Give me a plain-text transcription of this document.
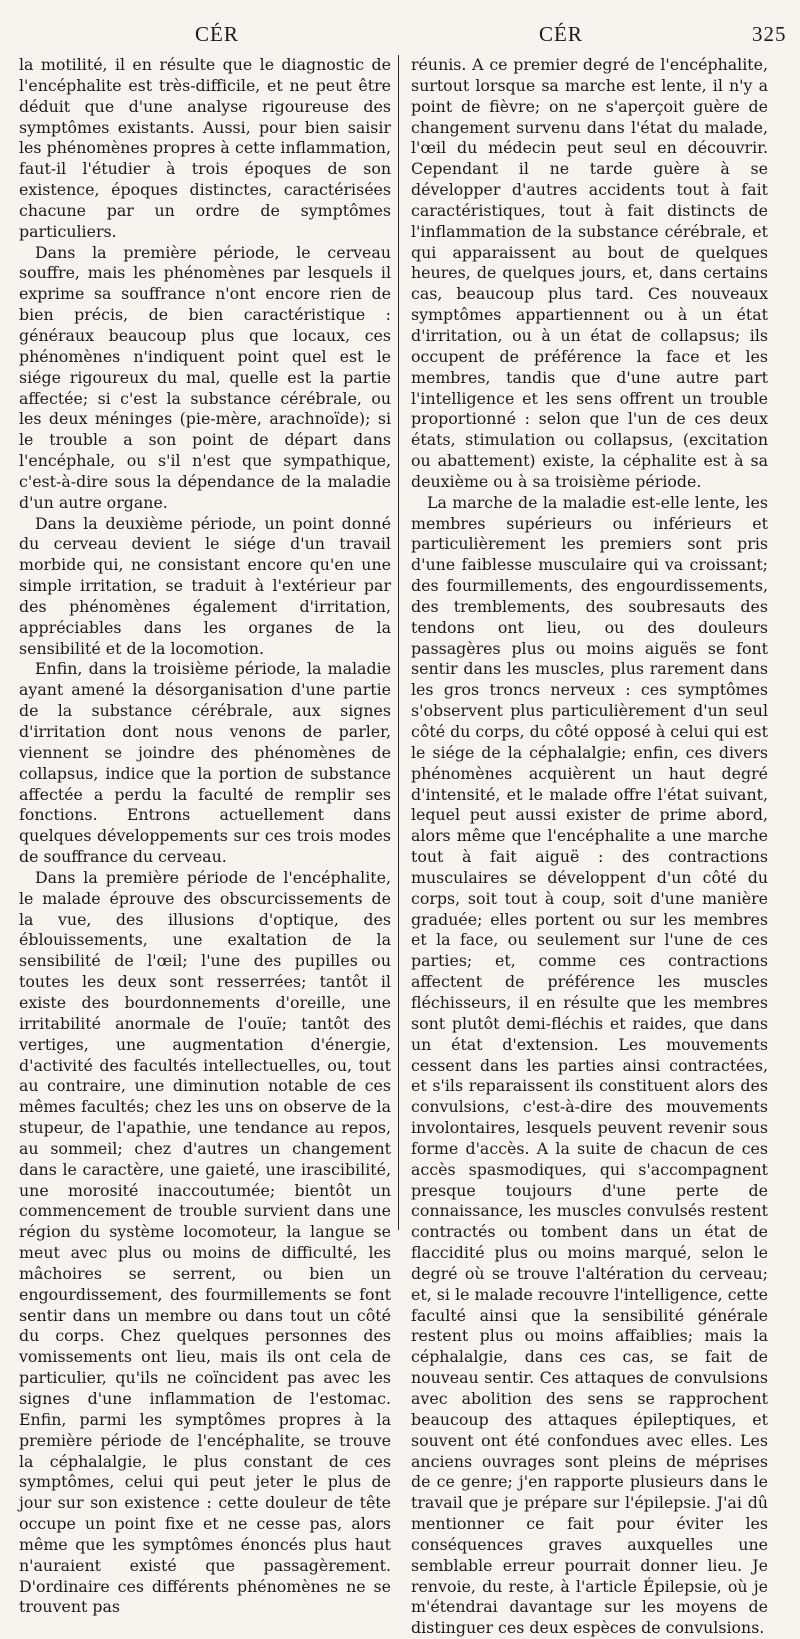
CÉR	CÉR	325

la motilité, il en résulte que le diagnostic de l'encéphalite est très-difficile, et ne peut être déduit que d'une analyse rigoureuse des symptômes existants. Aussi, pour bien saisir les phénomènes propres à cette inflammation, faut-il l'étudier à trois époques de son existence, époques distinctes, caractérisées chacune par un ordre de symptômes particuliers.

Dans la première période, le cerveau souffre, mais les phénomènes par lesquels il exprime sa souffrance n'ont encore rien de bien précis, de bien caractéristique : généraux beaucoup plus que locaux, ces phénomènes n'indiquent point quel est le siége rigoureux du mal, quelle est la partie affectée; si c'est la substance cérébrale, ou les deux méninges (pie-mère, arachnoïde); si le trouble a son point de départ dans l'encéphale, ou s'il n'est que sympathique, c'est-à-dire sous la dépendance de la maladie d'un autre organe.

Dans la deuxième période, un point donné du cerveau devient le siége d'un travail morbide qui, ne consistant encore qu'en une simple irritation, se traduit à l'extérieur par des phénomènes également d'irritation, appréciables dans les organes de la sensibilité et de la locomotion.

Enfin, dans la troisième période, la maladie ayant amené la désorganisation d'une partie de la substance cérébrale, aux signes d'irritation dont nous venons de parler, viennent se joindre des phénomènes de collapsus, indice que la portion de substance affectée a perdu la faculté de remplir ses fonctions. Entrons actuellement dans quelques développements sur ces trois modes de souffrance du cerveau.

Dans la première période de l'encéphalite, le malade éprouve des obscurcissements de la vue, des illusions d'optique, des éblouissements, une exaltation de la sensibilité de l'œil; l'une des pupilles ou toutes les deux sont resserrées; tantôt il existe des bourdonnements d'oreille, une irritabilité anormale de l'ouïe; tantôt des vertiges, une augmentation d'énergie, d'activité des facultés intellectuelles, ou, tout au contraire, une diminution notable de ces mêmes facultés; chez les uns on observe de la stupeur, de l'apathie, une tendance au repos, au sommeil; chez d'autres un changement dans le caractère, une gaieté, une irascibilité, une morosité inaccoutumée; bientôt un commencement de trouble survient dans une région du système locomoteur, la langue se meut avec plus ou moins de difficulté, les mâchoires se serrent, ou bien un engourdissement, des fourmillements se font sentir dans un membre ou dans tout un côté du corps. Chez quelques personnes des vomissements ont lieu, mais ils ont cela de particulier, qu'ils ne coïncident pas avec les signes d'une inflammation de l'estomac. Enfin, parmi les symptômes propres à la première période de l'encéphalite, se trouve la céphalalgie, le plus constant de ces symptômes, celui qui peut jeter le plus de jour sur son existence : cette douleur de tête occupe un point fixe et ne cesse pas, alors même que les symptômes énoncés plus haut n'auraient existé que passagèrement. D'ordinaire ces différents phénomènes ne se trouvent pas

réunis. A ce premier degré de l'encéphalite, surtout lorsque sa marche est lente, il n'y a point de fièvre; on ne s'aperçoit guère de changement survenu dans l'état du malade, l'œil du médecin peut seul en découvrir. Cependant il ne tarde guère à se développer d'autres accidents tout à fait caractéristiques, tout à fait distincts de l'inflammation de la substance cérébrale, et qui apparaissent au bout de quelques heures, de quelques jours, et, dans certains cas, beaucoup plus tard. Ces nouveaux symptômes appartiennent ou à un état d'irritation, ou à un état de collapsus; ils occupent de préférence la face et les membres, tandis que d'une autre part l'intelligence et les sens offrent un trouble proportionné : selon que l'un de ces deux états, stimulation ou collapsus, (excitation ou abattement) existe, la céphalite est à sa deuxième ou à sa troisième période.

La marche de la maladie est-elle lente, les membres supérieurs ou inférieurs et particulièrement les premiers sont pris d'une faiblesse musculaire qui va croissant; des fourmillements, des engourdissements, des tremblements, des soubresauts des tendons ont lieu, ou des douleurs passagères plus ou moins aiguës se font sentir dans les muscles, plus rarement dans les gros troncs nerveux : ces symptômes s'observent plus particulièrement d'un seul côté du corps, du côté opposé à celui qui est le siége de la céphalalgie; enfin, ces divers phénomènes acquièrent un haut degré d'intensité, et le malade offre l'état suivant, lequel peut aussi exister de prime abord, alors même que l'encéphalite a une marche tout à fait aiguë : des contractions musculaires se développent d'un côté du corps, soit tout à coup, soit d'une manière graduée; elles portent ou sur les membres et la face, ou seulement sur l'une de ces parties; et, comme ces contractions affectent de préférence les muscles fléchisseurs, il en résulte que les membres sont plutôt demi-fléchis et raides, que dans un état d'extension. Les mouvements cessent dans les parties ainsi contractées, et s'ils reparaissent ils constituent alors des convulsions, c'est-à-dire des mouvements involontaires, lesquels peuvent revenir sous forme d'accès. A la suite de chacun de ces accès spasmodiques, qui s'accompagnent presque toujours d'une perte de connaissance, les muscles convulsés restent contractés ou tombent dans un état de flaccidité plus ou moins marqué, selon le degré où se trouve l'altération du cerveau; et, si le malade recouvre l'intelligence, cette faculté ainsi que la sensibilité générale restent plus ou moins affaiblies; mais la céphalalgie, dans ces cas, se fait de nouveau sentir. Ces attaques de convulsions avec abolition des sens se rapprochent beaucoup des attaques épileptiques, et souvent ont été confondues avec elles. Les anciens ouvrages sont pleins de méprises de ce genre; j'en rapporte plusieurs dans le travail que je prépare sur l'épilepsie. J'ai dû mentionner ce fait pour éviter les conséquences graves auxquelles une semblable erreur pourrait donner lieu. Je renvoie, du reste, à l'article Épilepsie, où je m'étendrai davantage sur les moyens de distinguer ces deux espèces de convulsions.
